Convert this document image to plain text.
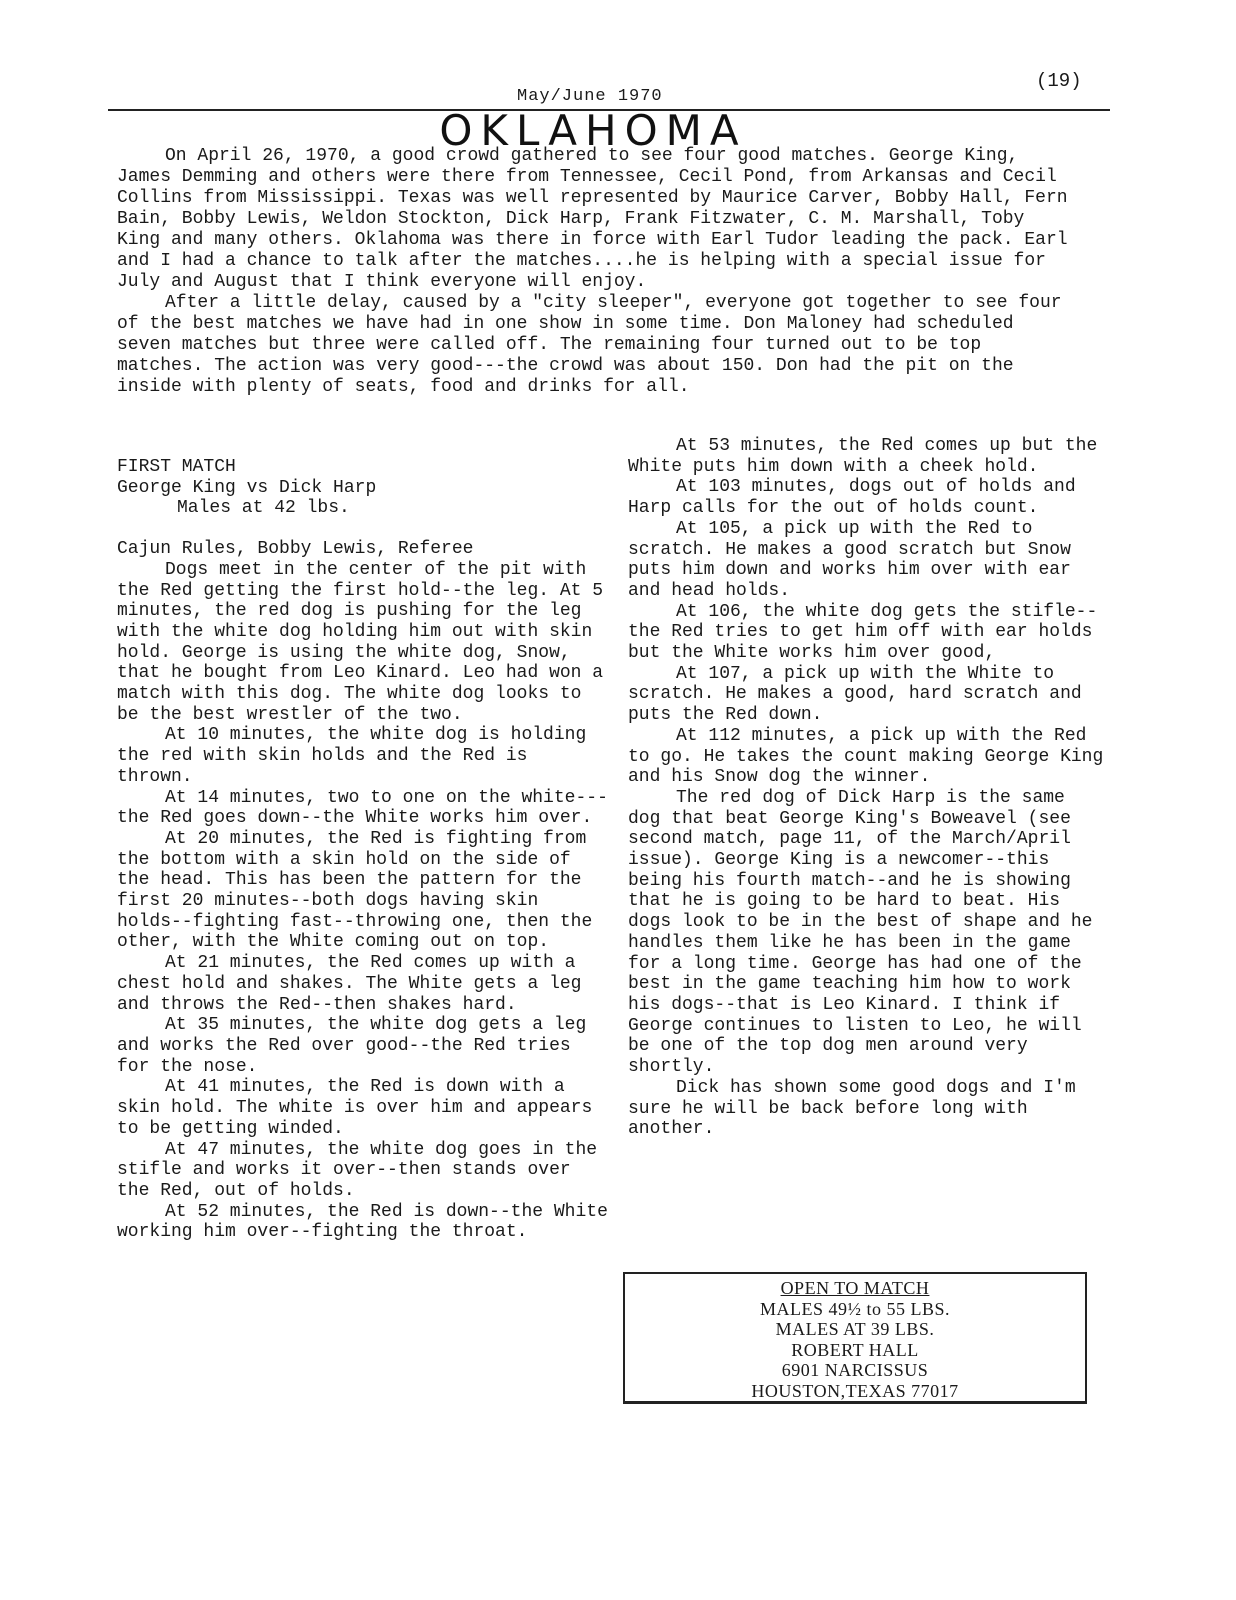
(19)
May/June 1970
OKLAHOMA

On April 26, 1970, a good crowd gathered to see four good matches. George King, James Demming and others were there from Tennessee, Cecil Pond, from Arkansas and Cecil Collins from Mississippi. Texas was well represented by Maurice Carver, Bobby Hall, Fern Bain, Bobby Lewis, Weldon Stockton, Dick Harp, Frank Fitzwater, C. M. Marshall, Toby King and many others. Oklahoma was there in force with Earl Tudor leading the pack. Earl and I had a chance to talk after the matches....he is helping with a special issue for July and August that I think everyone will enjoy.

After a little delay, caused by a "city sleeper", everyone got together to see four of the best matches we have had in one show in some time. Don Maloney had scheduled seven matches but three were called off. The remaining four turned out to be top matches. The action was very good---the crowd was about 150. Don had the pit on the inside with plenty of seats, food and drinks for all.

FIRST MATCH

George King vs Dick Harp

Males at 42 lbs.

Cajun Rules, Bobby Lewis, Referee

Dogs meet in the center of the pit with the Red getting the first hold--the leg. At 5 minutes, the red dog is pushing for the leg with the white dog holding him out with skin hold. George is using the white dog, Snow, that he bought from Leo Kinard. Leo had won a match with this dog. The white dog looks to be the best wrestler of the two.

At 10 minutes, the white dog is holding the red with skin holds and the Red is thrown.

At 14 minutes, two to one on the white---the Red goes down--the White works him over.

At 20 minutes, the Red is fighting from the bottom with a skin hold on the side of the head. This has been the pattern for the first 20 minutes--both dogs having skin holds--fighting fast--throwing one, then the other, with the White coming out on top.

At 21 minutes, the Red comes up with a chest hold and shakes. The White gets a leg and throws the Red--then shakes hard.

At 35 minutes, the white dog gets a leg and works the Red over good--the Red tries for the nose.

At 41 minutes, the Red is down with a skin hold. The white is over him and appears to be getting winded.

At 47 minutes, the white dog goes in the stifle and works it over--then stands over the Red, out of holds.

At 52 minutes, the Red is down--the White working him over--fighting the throat.

At 53 minutes, the Red comes up but the White puts him down with a cheek hold.

At 103 minutes, dogs out of holds and Harp calls for the out of holds count.

At 105, a pick up with the Red to scratch. He makes a good scratch but Snow puts him down and works him over with ear and head holds.

At 106, the white dog gets the stifle--the Red tries to get him off with ear holds but the White works him over good,

At 107, a pick up with the White to scratch. He makes a good, hard scratch and puts the Red down.

At 112 minutes, a pick up with the Red to go. He takes the count making George King and his Snow dog the winner.

The red dog of Dick Harp is the same dog that beat George King's Boweavel (see second match, page 11, of the March/April issue). George King is a newcomer--this being his fourth match--and he is showing that he is going to be hard to beat. His dogs look to be in the best of shape and he handles them like he has been in the game for a long time. George has had one of the best in the game teaching him how to work his dogs--that is Leo Kinard. I think if George continues to listen to Leo, he will be one of the top dog men around very shortly.

Dick has shown some good dogs and I'm sure he will be back before long with another.

OPEN TO MATCH
MALES 49½ to 55 LBS.
MALES AT 39 LBS.
ROBERT HALL
6901 NARCISSUS
HOUSTON,TEXAS 77017
